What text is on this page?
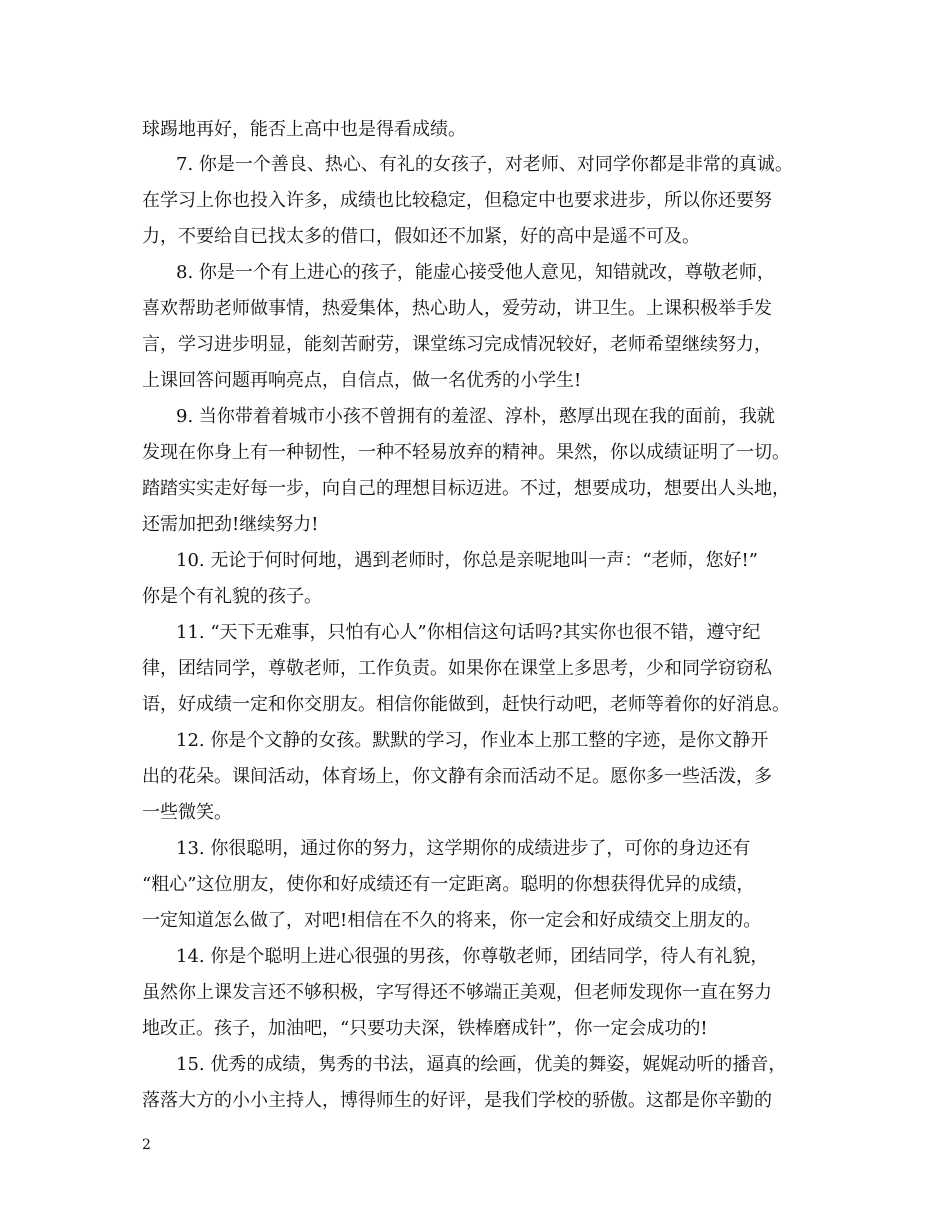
球踢地再好，能否上高中也是得看成绩。
7. 你是一个善良、热心、有礼的女孩子，对老师、对同学你都是非常的真诚。
在学习上你也投入许多，成绩也比较稳定，但稳定中也要求进步，所以你还要努
力，不要给自已找太多的借口，假如还不加紧，好的高中是遥不可及。
8. 你是一个有上进心的孩子，能虚心接受他人意见，知错就改，尊敬老师，
喜欢帮助老师做事情，热爱集体，热心助人，爱劳动，讲卫生。上课积极举手发
言，学习进步明显，能刻苦耐劳，课堂练习完成情况较好，老师希望继续努力，
上课回答问题再响亮点，自信点，做一名优秀的小学生!
9. 当你带着着城市小孩不曾拥有的羞涩、淳朴，憨厚出现在我的面前，我就
发现在你身上有一种韧性，一种不轻易放弃的精神。果然，你以成绩证明了一切。
踏踏实实走好每一步，向自己的理想目标迈进。不过，想要成功，想要出人头地，
还需加把劲!继续努力!
10. 无论于何时何地，遇到老师时，你总是亲呢地叫一声：“老师，您好!”
你是个有礼貌的孩子。
11. “天下无难事，只怕有心人”你相信这句话吗?其实你也很不错，遵守纪
律，团结同学，尊敬老师，工作负责。如果你在课堂上多思考，少和同学窃窃私
语，好成绩一定和你交朋友。相信你能做到，赶快行动吧，老师等着你的好消息。
12. 你是个文静的女孩。默默的学习，作业本上那工整的字迹，是你文静开
出的花朵。课间活动，体育场上，你文静有余而活动不足。愿你多一些活泼，多
一些微笑。
13. 你很聪明，通过你的努力，这学期你的成绩进步了，可你的身边还有
“粗心”这位朋友，使你和好成绩还有一定距离。聪明的你想获得优异的成绩，
一定知道怎么做了，对吧!相信在不久的将来，你一定会和好成绩交上朋友的。
14. 你是个聪明上进心很强的男孩，你尊敬老师，团结同学，待人有礼貌，
虽然你上课发言还不够积极，字写得还不够端正美观，但老师发现你一直在努力
地改正。孩子，加油吧，“只要功夫深，铁棒磨成针”，你一定会成功的!
15. 优秀的成绩，隽秀的书法，逼真的绘画，优美的舞姿，娓娓动听的播音，
落落大方的小小主持人，博得师生的好评，是我们学校的骄傲。这都是你辛勤的
2
